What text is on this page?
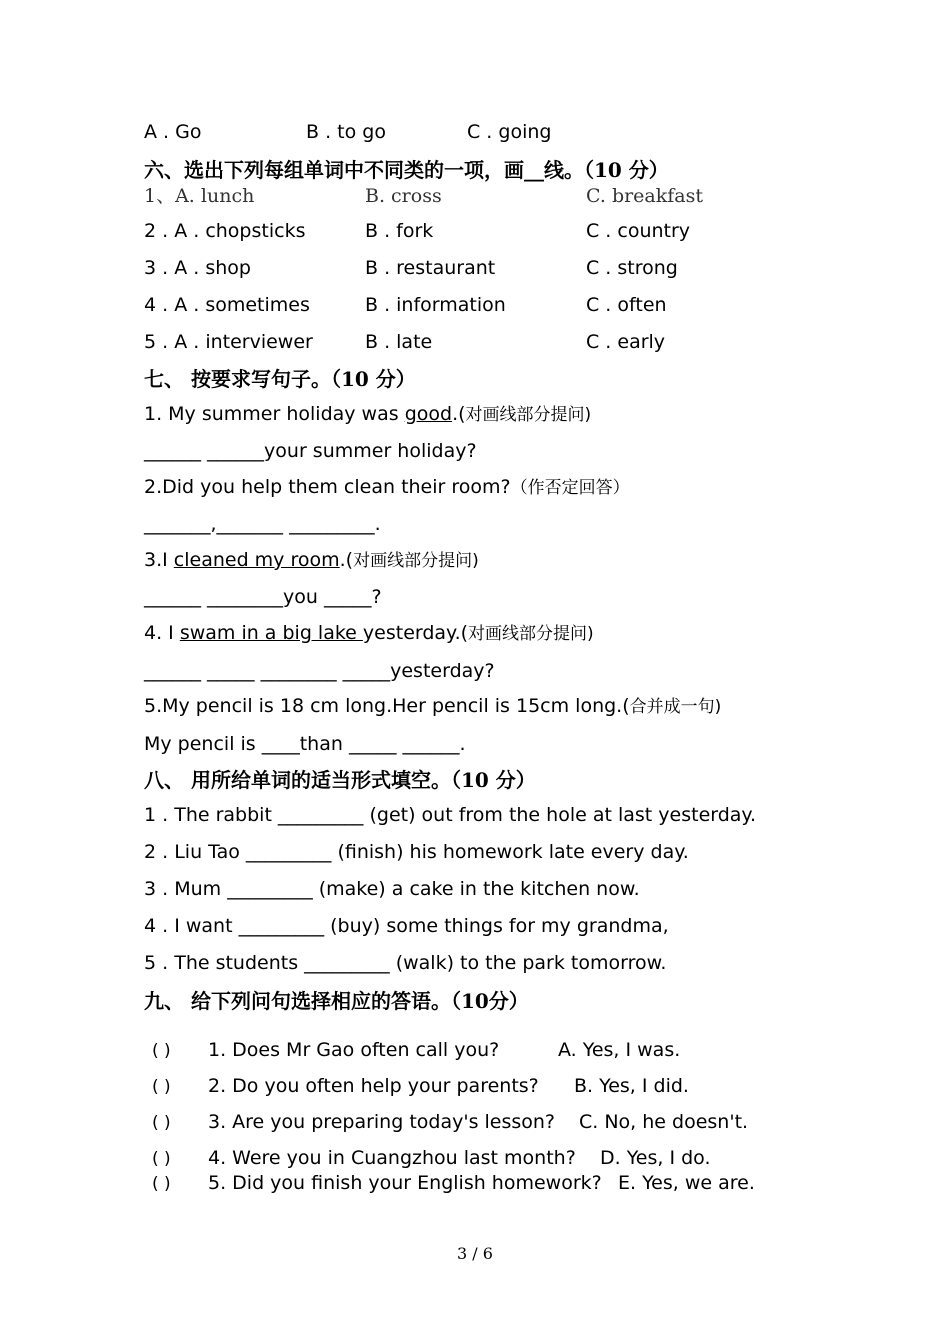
A . Go	B . to go	C . going
六、选出下列每组单词中不同类的一项，画__线。（10 分）
1、A. lunch	B. cross	C. breakfast
2 . A . chopsticks	B . fork	C . country
3 . A . shop	B . restaurant	C . strong
4 . A . sometimes	B . information	C . often
5 . A . interviewer	B . late	C . early
七、 按要求写句子。（10 分）
1. My summer holiday was good.(对画线部分提问)
______ ______your summer holiday?
2.Did you help them clean their room?（作否定回答）
_______,_______ _________.
3.I cleaned my room.(对画线部分提问)
______ ________you _____?
4. I swam in a big lake yesterday.(对画线部分提问)
______ _____ ________ _____yesterday?
5.My pencil is 18 cm long.Her pencil is 15cm long.(合并成一句)
My pencil is ____than _____ ______.
八、 用所给单词的适当形式填空。（10 分）
1 . The rabbit _________ (get) out from the hole at last yesterday.
2 . Liu Tao _________ (finish) his homework late every day.
3 . Mum _________ (make) a cake in the kitchen now.
4 . I want _________ (buy) some things for my grandma,
5 . The students _________ (walk) to the park tomorrow.
九、 给下列问句选择相应的答语。（10分）
( ) 1. Does Mr Gao often call you?	A. Yes, I was.
( ) 2. Do you often help your parents? B. Yes, I did.
( ) 3. Are you preparing today's lesson? C. No, he doesn't.
( ) 4. Were you in Cuangzhou last month? D. Yes, I do.
( ) 5. Did you finish your English homework? E. Yes, we are.
3 / 6
